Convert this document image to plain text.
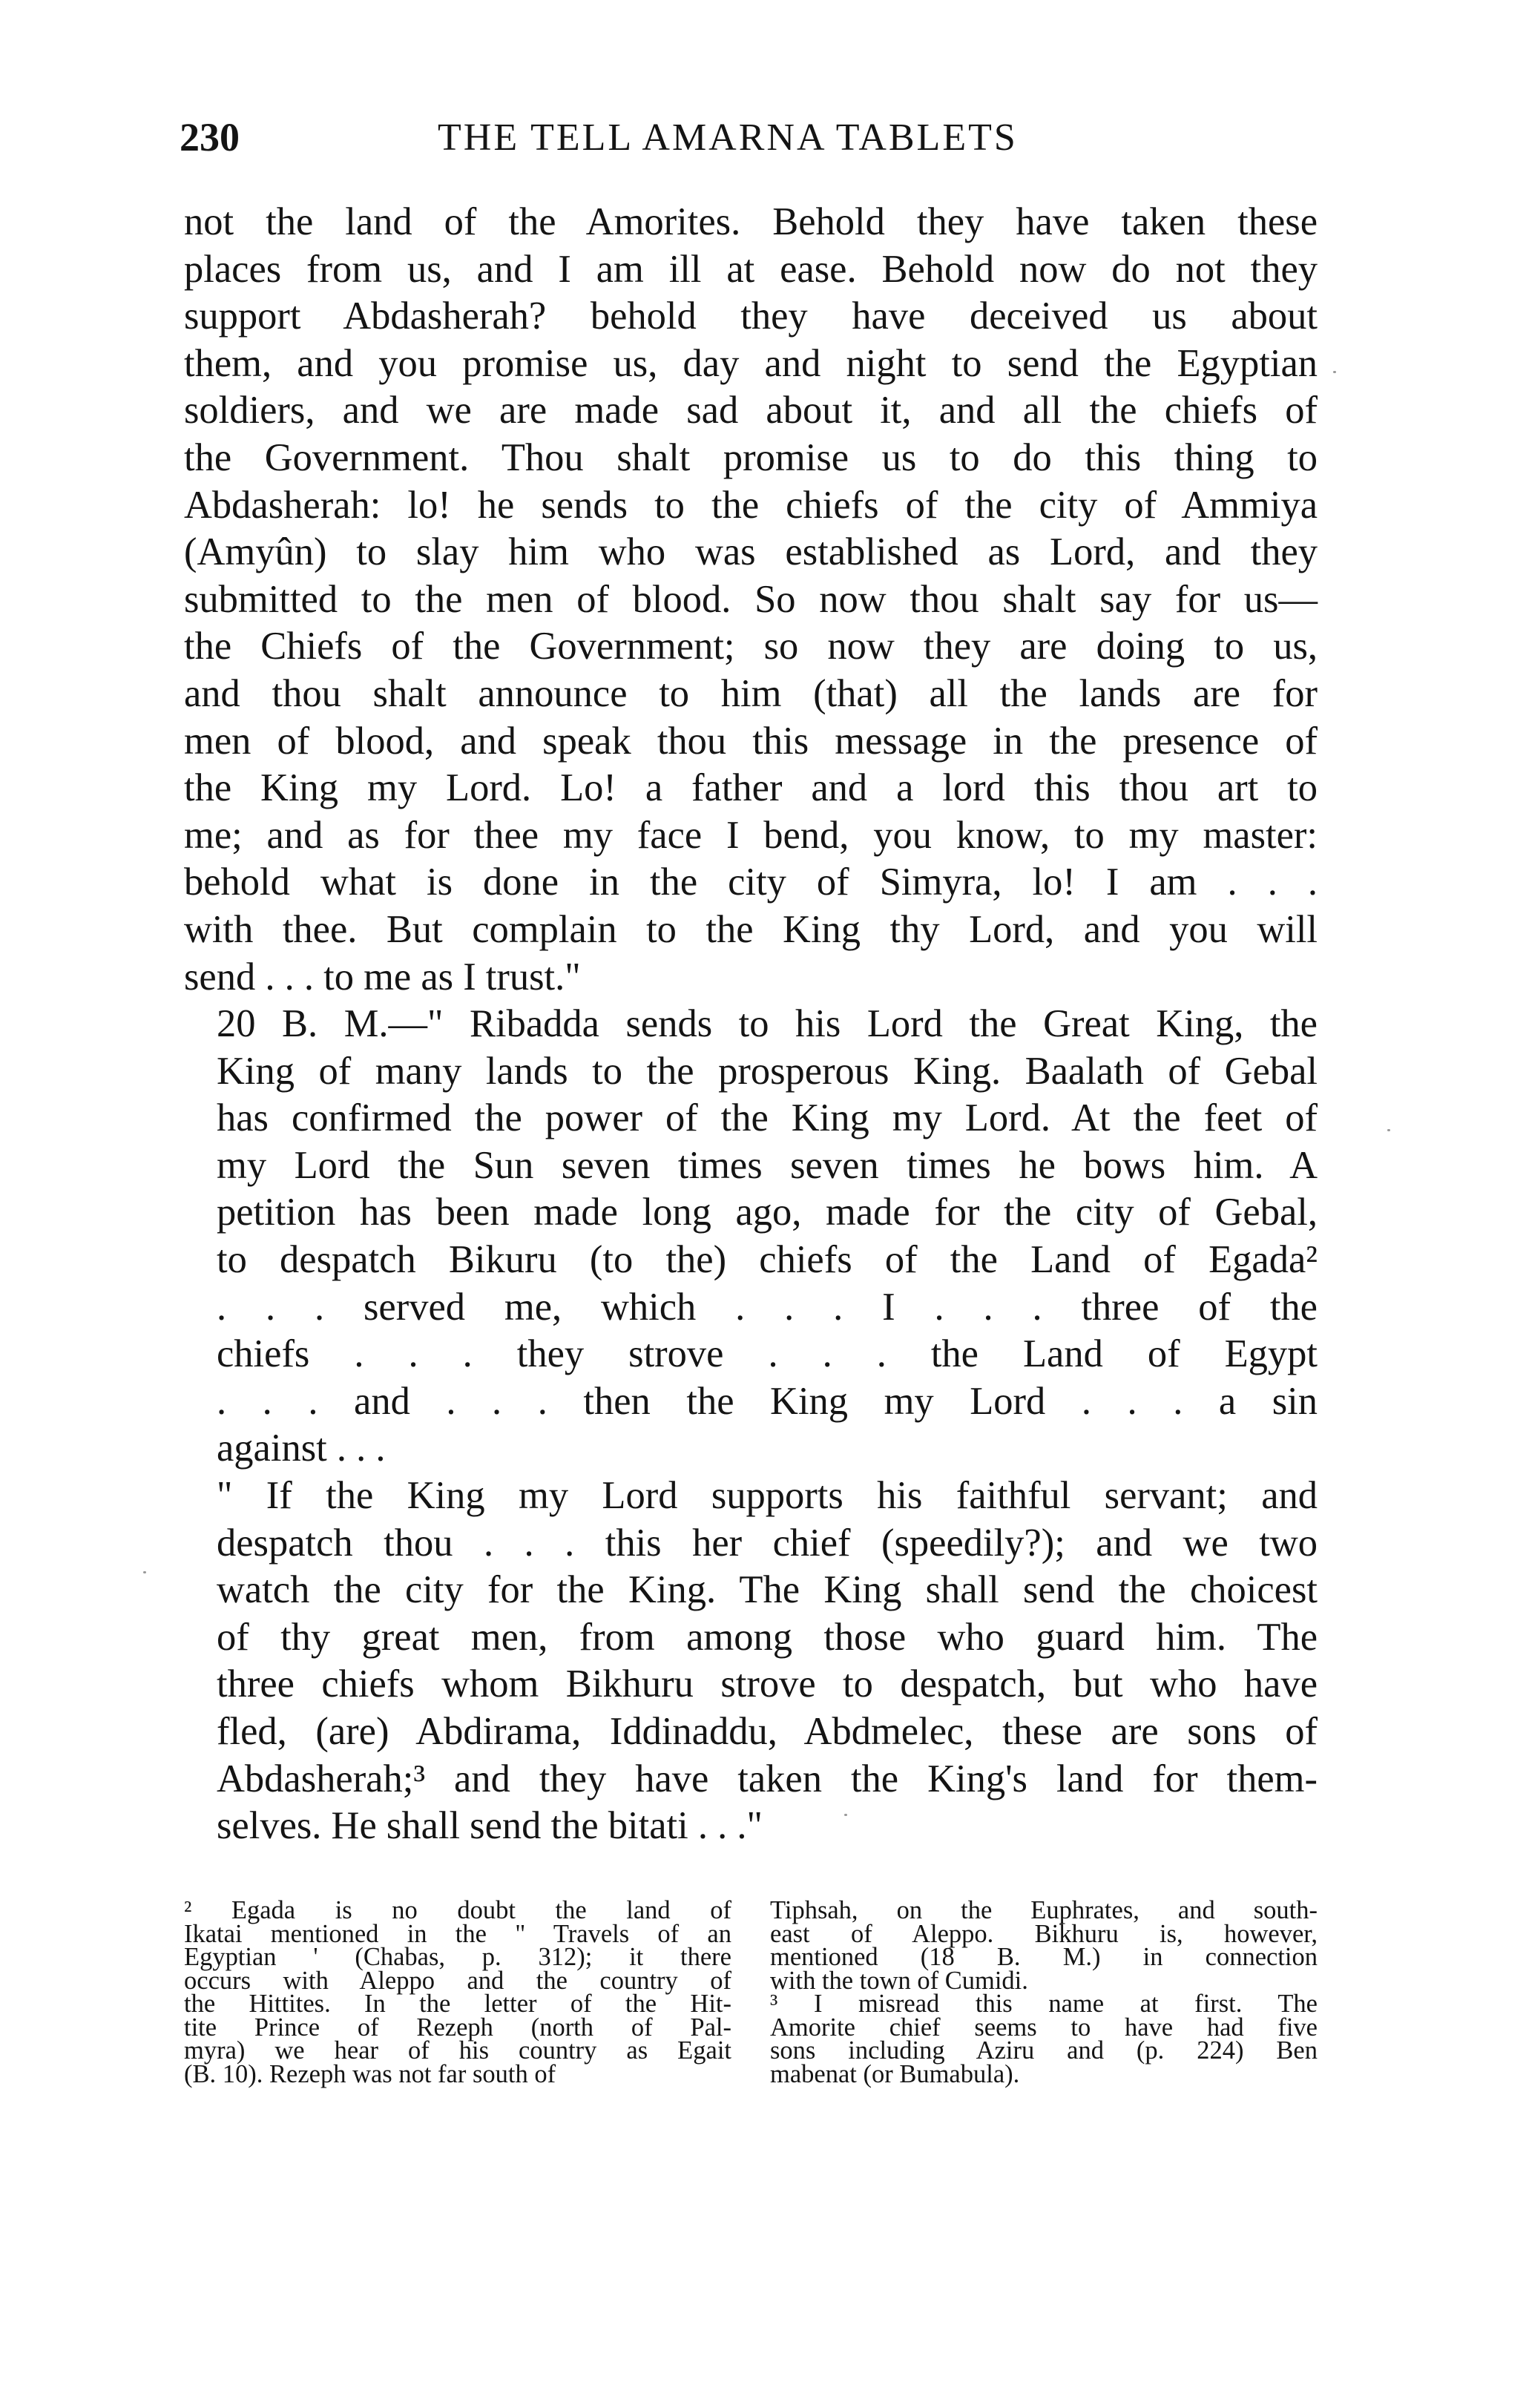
230	THE TELL AMARNA TABLETS

not the land of the Amorites. Behold they have taken these
places from us, and I am ill at ease. Behold now do not they
support Abdasherah? behold they have deceived us about
them, and you promise us, day and night to send the Egyptian
soldiers, and we are made sad about it, and all the chiefs of
the Government. Thou shalt promise us to do this thing to
Abdasherah: lo! he sends to the chiefs of the city of Ammiya
(Amyûn) to slay him who was established as Lord, and they
submitted to the men of blood. So now thou shalt say for us—
the Chiefs of the Government; so now they are doing to us,
and thou shalt announce to him (that) all the lands are for
men of blood, and speak thou this message in the presence of
the King my Lord. Lo! a father and a lord this thou art to
me; and as for thee my face I bend, you know, to my master:
behold what is done in the city of Simyra, lo! I am . . .
with thee. But complain to the King thy Lord, and you will
send . . . to me as I trust."

20 B. M.—" Ribadda sends to his Lord the Great King, the
King of many lands to the prosperous King. Baalath of Gebal
has confirmed the power of the King my Lord. At the feet of
my Lord the Sun seven times seven times he bows him. A
petition has been made long ago, made for the city of Gebal,
to despatch Bikuru (to the) chiefs of the Land of Egada²
. . . served me, which . . . I . . . three of the
chiefs . . . they strove . . . the Land of Egypt
. . . and . . . then the King my Lord . . . a sin
against . . .

" If the King my Lord supports his faithful servant; and
despatch thou . . . this her chief (speedily?); and we two
watch the city for the King. The King shall send the choicest
of thy great men, from among those who guard him. The
three chiefs whom Bikhuru strove to despatch, but who have
fled, (are) Abdirama, Iddinaddu, Abdmelec, these are sons of
Abdasherah;³ and they have taken the King's land for them-
selves. He shall send the bitati . . ."

² Egada is no doubt the land of
Ikatai mentioned in the " Travels of an
Egyptian ' (Chabas, p. 312); it there
occurs with Aleppo and the country of
the Hittites. In the letter of the Hit-
tite Prince of Rezeph (north of Pal-
myra) we hear of his country as Egait
(B. 10). Rezeph was not far south of
Tiphsah, on the Euphrates, and south-
east of Aleppo. Bikhuru is, however,
mentioned (18 B. M.) in connection
with the town of Cumidi.
³ I misread this name at first. The
Amorite chief seems to have had five
sons including Aziru and (p. 224) Ben
mabenat (or Bumabula).
